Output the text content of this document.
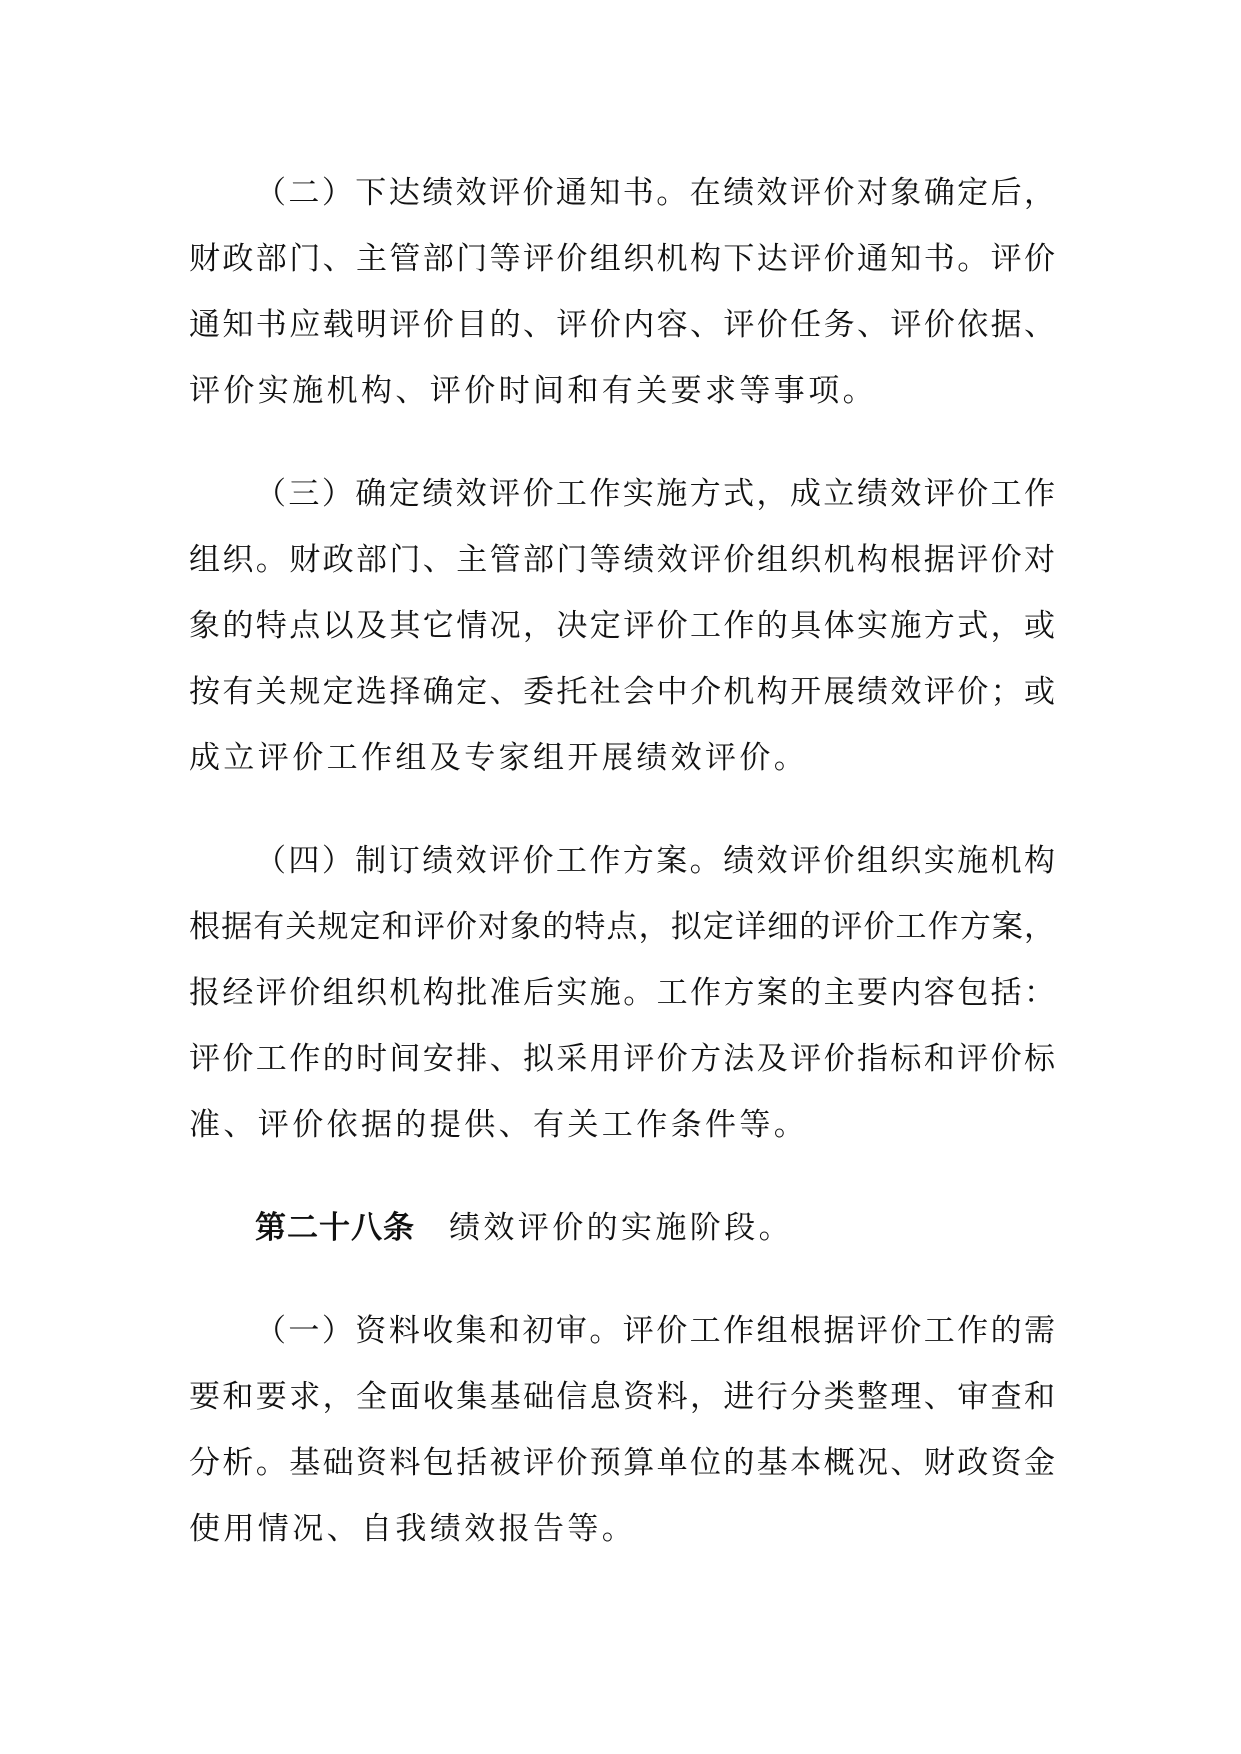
（二）下达绩效评价通知书。在绩效评价对象确定后，
财政部门、主管部门等评价组织机构下达评价通知书。评价
通知书应载明评价目的、评价内容、评价任务、评价依据、
评价实施机构、评价时间和有关要求等事项。
（三）确定绩效评价工作实施方式，成立绩效评价工作
组织。财政部门、主管部门等绩效评价组织机构根据评价对
象的特点以及其它情况，决定评价工作的具体实施方式，或
按有关规定选择确定、委托社会中介机构开展绩效评价；或
成立评价工作组及专家组开展绩效评价。
（四）制订绩效评价工作方案。绩效评价组织实施机构
根据有关规定和评价对象的特点，拟定详细的评价工作方案，
报经评价组织机构批准后实施。工作方案的主要内容包括：
评价工作的时间安排、拟采用评价方法及评价指标和评价标
准、评价依据的提供、有关工作条件等。
第二十八条 绩效评价的实施阶段。
（一）资料收集和初审。评价工作组根据评价工作的需
要和要求，全面收集基础信息资料，进行分类整理、审查和
分析。基础资料包括被评价预算单位的基本概况、财政资金
使用情况、自我绩效报告等。
